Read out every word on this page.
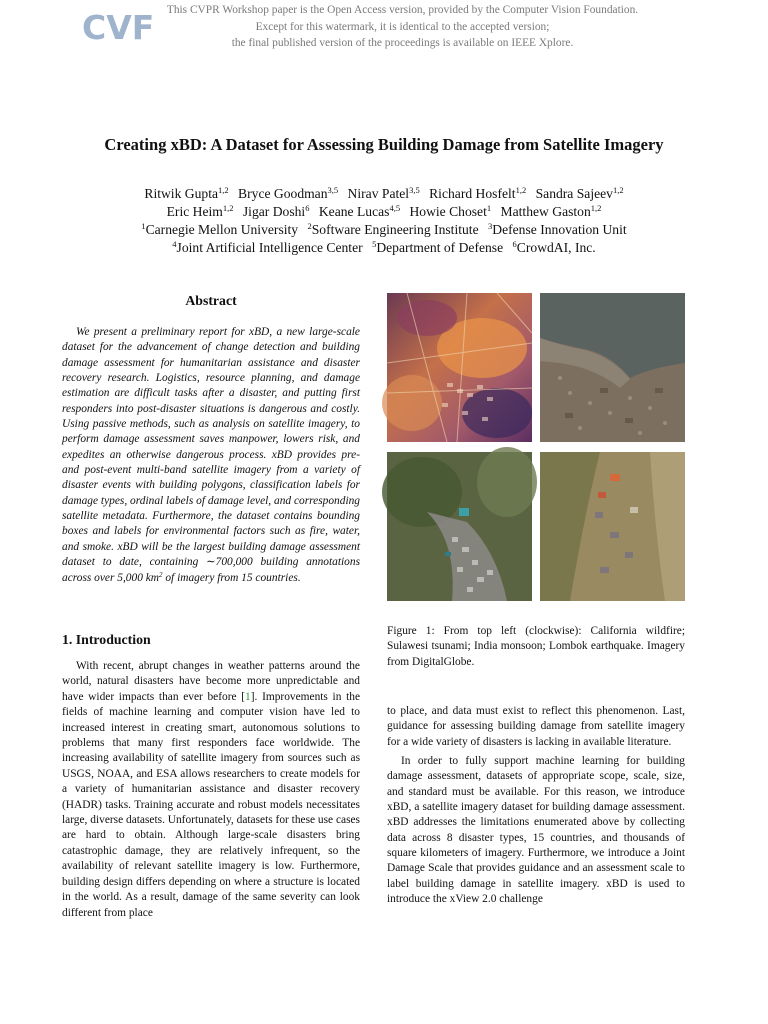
CVF	This CVPR Workshop paper is the Open Access version, provided by the Computer Vision Foundation.
Except for this watermark, it is identical to the accepted version;
the final published version of the proceedings is available on IEEE Xplore.
Creating xBD: A Dataset for Assessing Building Damage from Satellite Imagery
Ritwik Gupta$^{1,2}$ Bryce Goodman$^{3,5}$ Nirav Patel$^{3,5}$ Richard Hosfelt$^{1,2}$ Sandra Sajeev$^{1,2}$
Eric Heim$^{1,2}$ Jigar Doshi$^6$ Keane Lucas$^{4,5}$ Howie Choset$^1$ Matthew Gaston$^{1,2}$
$^1$Carnegie Mellon University $^2$Software Engineering Institute $^3$Defense Innovation Unit
$^4$Joint Artificial Intelligence Center $^5$Department of Defense $^6$CrowdAI, Inc.
Abstract

We present a preliminary report for xBD, a new large-scale dataset for the advancement of change detection and building damage assessment for humanitarian assistance and disaster recovery research. Logistics, resource planning, and damage estimation are difficult tasks after a disaster, and putting first responders into post-disaster situations is dangerous and costly. Using passive methods, such as analysis on satellite imagery, to perform damage assessment saves manpower, lowers risk, and expedites an otherwise dangerous process. xBD provides pre- and post-event multi-band satellite imagery from a variety of disaster events with building polygons, classification labels for damage types, ordinal labels of damage level, and corresponding satellite metadata. Furthermore, the dataset contains bounding boxes and labels for environmental factors such as fire, water, and smoke. xBD will be the largest building damage assessment dataset to date, containing ∼700,000 building annotations across over 5,000 $km^2$ of imagery from 15 countries.

1. Introduction

With recent, abrupt changes in weather patterns around the world, natural disasters have become more unpredictable and have wider impacts than ever before [1]. Improvements in the fields of machine learning and computer vision have led to increased interest in creating smart, autonomous solutions to problems that many first responders face worldwide. The increasing availability of satellite imagery from sources such as USGS, NOAA, and ESA allows researchers to create models for a variety of humanitarian assistance and disaster recovery (HADR) tasks. Training accurate and robust models necessitates large, diverse datasets. Unfortunately, datasets for these use cases are hard to obtain. Although large-scale disasters bring catastrophic damage, they are relatively infrequent, so the availability of relevant satellite imagery is low. Furthermore, building design differs depending on where a structure is located in the world. As a result, damage of the same severity can look different from place

Figure 1: From top left (clockwise): California wildfire; Sulawesi tsunami; India monsoon; Lombok earthquake. Imagery from DigitalGlobe.

to place, and data must exist to reflect this phenomenon. Last, guidance for assessing building damage from satellite imagery for a wide variety of disasters is lacking in available literature.

In order to fully support machine learning for building damage assessment, datasets of appropriate scope, scale, size, and standard must be available. For this reason, we introduce xBD, a satellite imagery dataset for building damage assessment. xBD addresses the limitations enumerated above by collecting data across 8 disaster types, 15 countries, and thousands of square kilometers of imagery. Furthermore, we introduce a Joint Damage Scale that provides guidance and an assessment scale to label building damage in satellite imagery. xBD is used to introduce the xView 2.0 challenge
